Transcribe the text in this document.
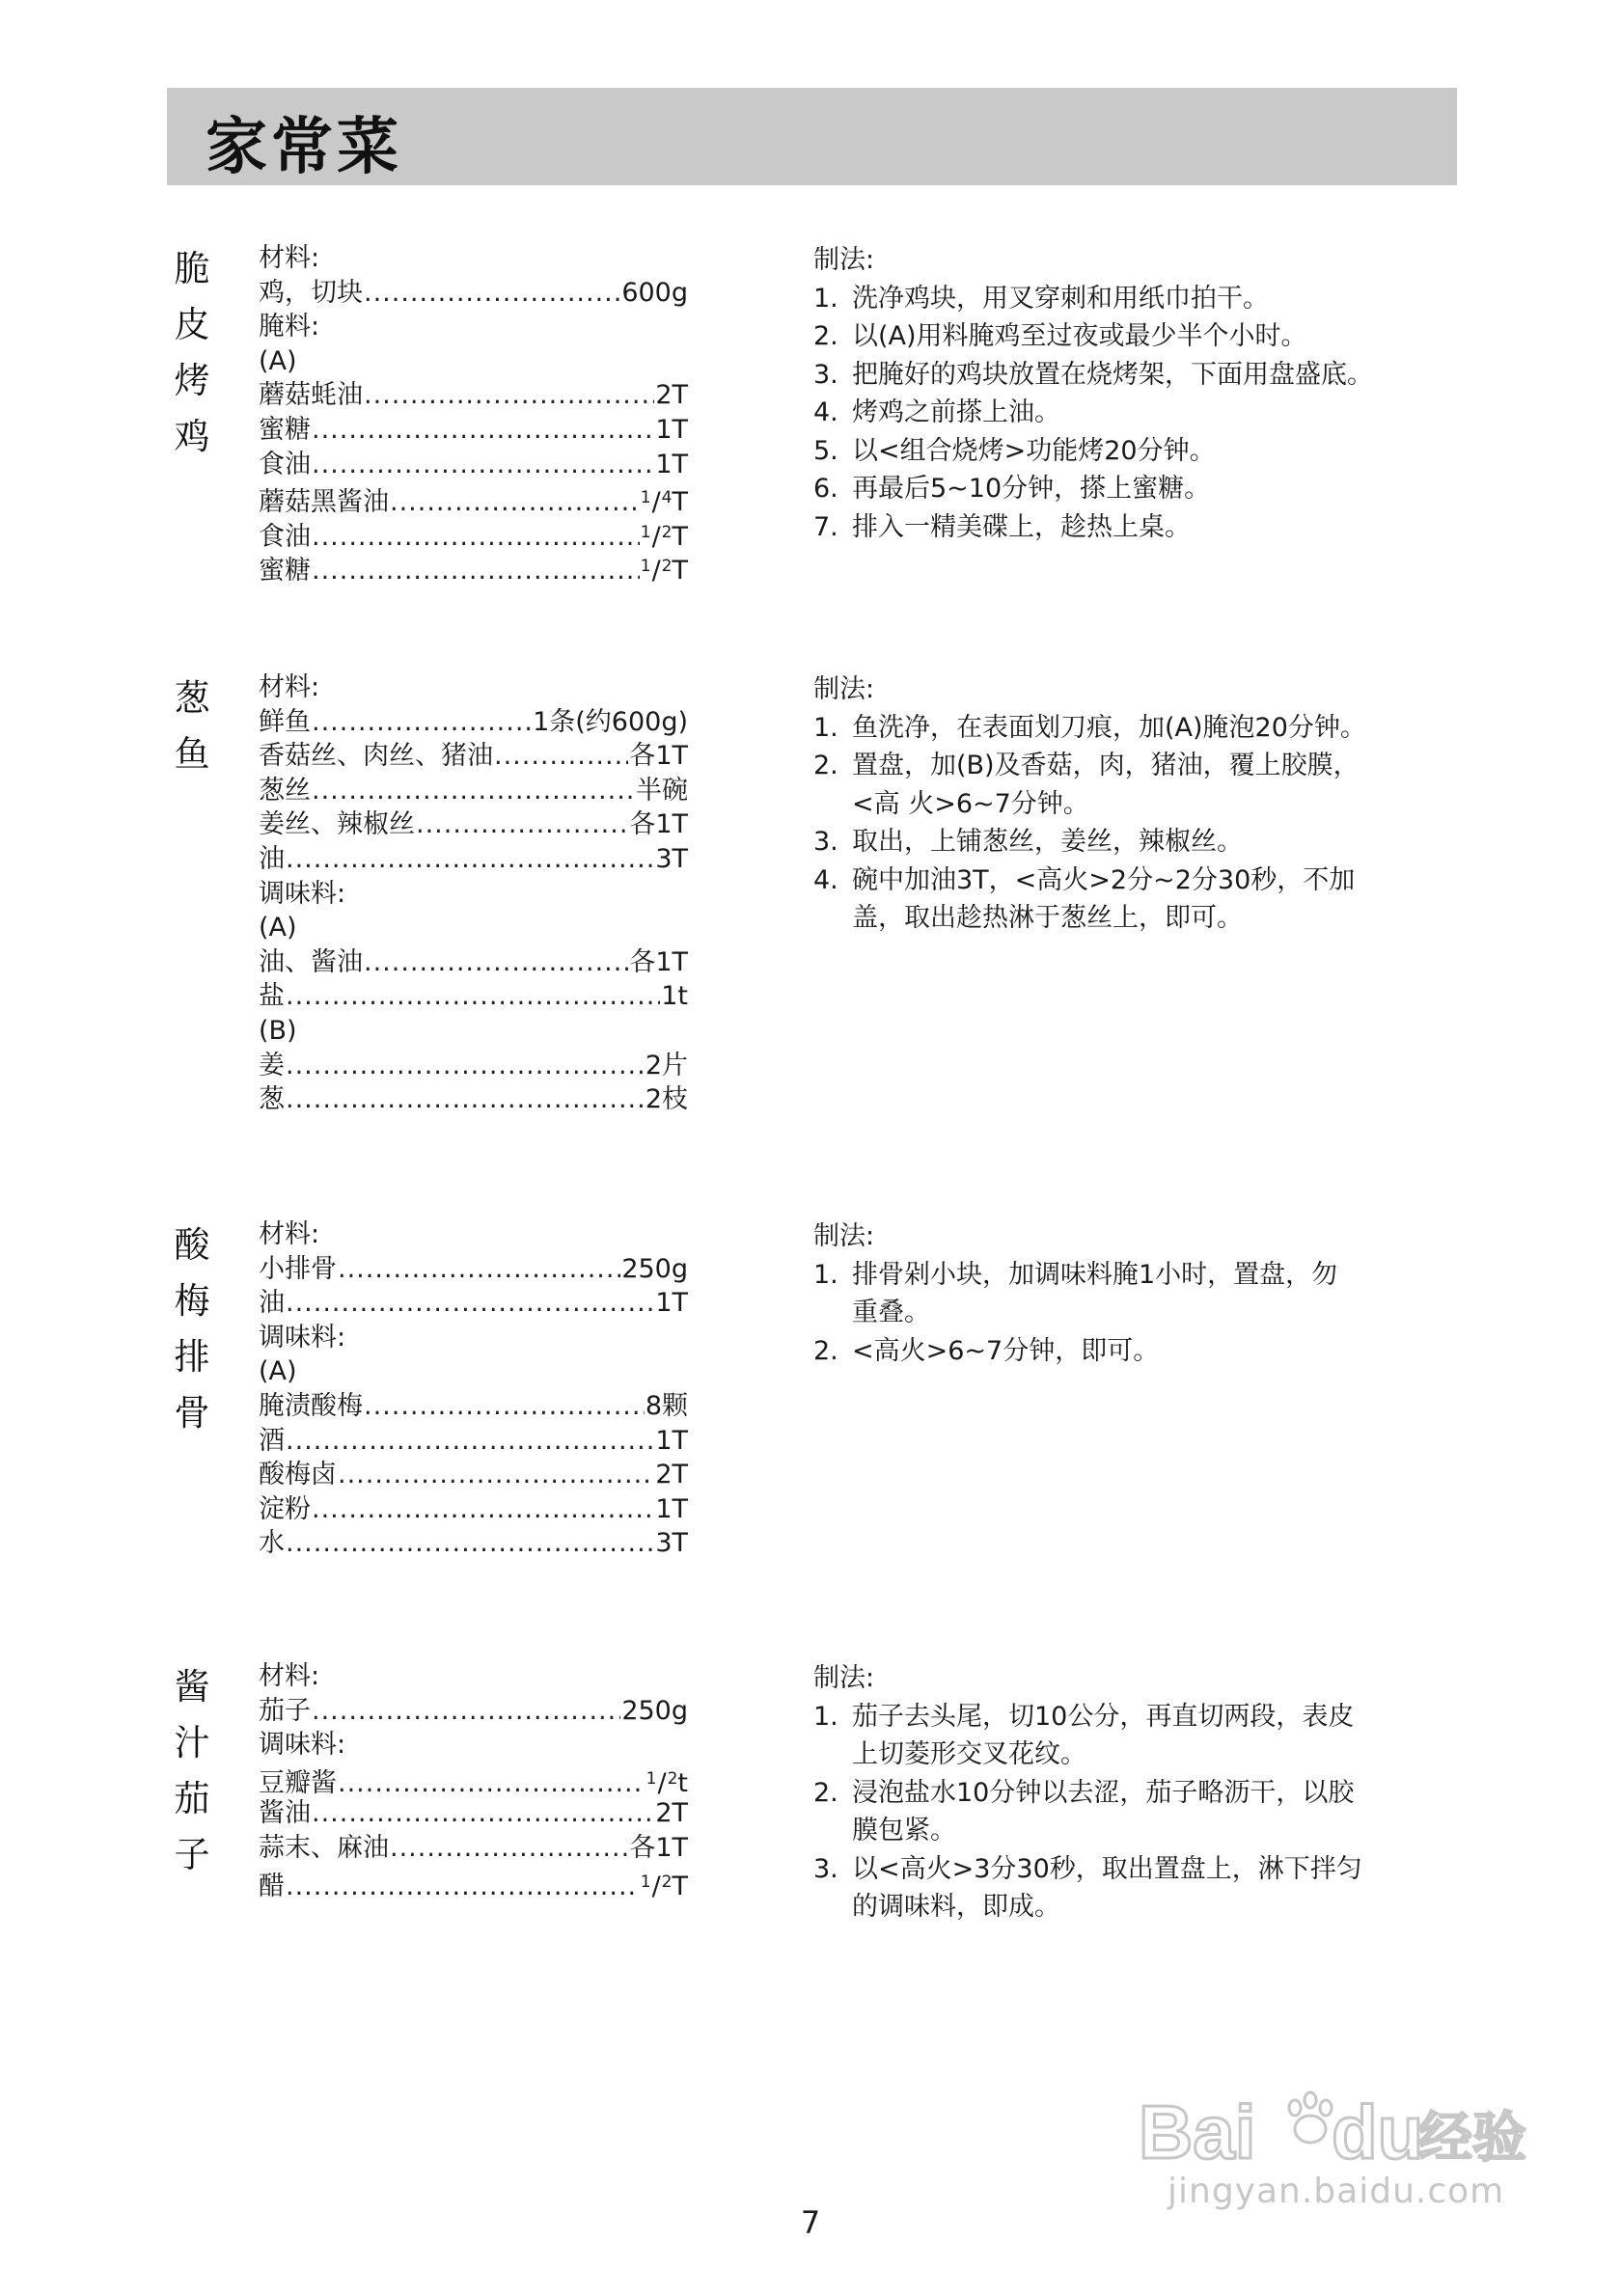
家常菜
脆
皮
烤
鸡
材料:
鸡，切块 .....	600g
腌料:
(A)
蘑菇蚝油 .....	2T
蜜糖 .....	1T
食油 .....	1T
蘑菇黑酱油 .....	$^1$/$^4$T
食油 .....	$^1$/$^2$T
蜜糖 .....	$^1$/$^2$T
制法:
1. 洗净鸡块，用叉穿刺和用纸巾拍干。
2. 以(A)用料腌鸡至过夜或最少半个小时。
3. 把腌好的鸡块放置在烧烤架，下面用盘盛底。
4. 烤鸡之前搽上油。
5. 以<组合烧烤>功能烤20分钟。
6. 再最后5~10分钟，搽上蜜糖。
7. 排入一精美碟上，趁热上桌。
葱
鱼
材料:
鲜鱼 .....	1条(约600g)
香菇丝、肉丝、猪油 .....	各1T
葱丝 .....	半碗
姜丝、辣椒丝 .....	各1T
油 .....	3T
调味料:
(A)
油、酱油 .....	各1T
盐 .....	1t
(B)
姜 .....	2片
葱 .....	2枝
制法:
1. 鱼洗净，在表面划刀痕，加(A)腌泡20分钟。
2. 置盘，加(B)及香菇，肉，猪油，覆上胶膜，
<高 火>6~7分钟。
3. 取出，上铺葱丝，姜丝，辣椒丝。
4. 碗中加油3T，<高火>2分~2分30秒，不加
盖，取出趁热淋于葱丝上，即可。
酸
梅
排
骨
材料:
小排骨 .....	250g
油 .....	1T
调味料:
(A)
腌渍酸梅 .....	8颗
酒 .....	1T
酸梅卤 .....	2T
淀粉 .....	1T
水 .....	3T
制法:
1. 排骨剁小块，加调味料腌1小时，置盘，勿
重叠。
2. <高火>6~7分钟，即可。
酱
汁
茄
子
材料:
茄子 .....	250g
调味料:
豆瓣酱 .....	$^1$/$^2$t
酱油 .....	2T
蒜末、麻油 .....	各1T
醋 .....	$^1$/$^2$T
制法:
1. 茄子去头尾，切10公分，再直切两段，表皮
上切菱形交叉花纹。
2. 浸泡盐水10分钟以去涩，茄子略沥干，以胶
膜包紧。
3. 以<高火>3分30秒，取出置盘上，淋下拌匀
的调味料，即成。
7
Bai du
经验
jingyan.baidu.com
